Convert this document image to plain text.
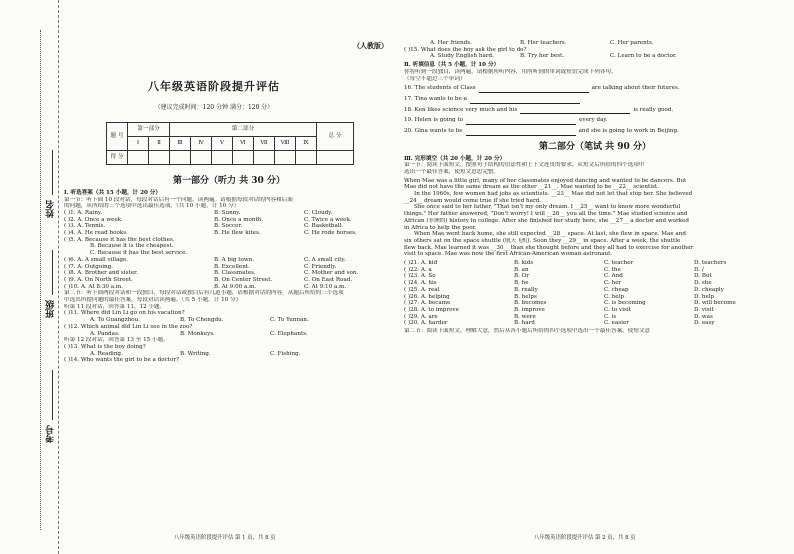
姓名
班级
考号
（人教版）
八年级英语阶段提升评估
（建议完成时间：120 分钟 满分：120 分）
题 号	第一部分		第二部分							总 分
	Ⅰ	Ⅱ	Ⅲ	Ⅳ	Ⅴ	Ⅵ	Ⅶ	Ⅷ	Ⅸ	
得 分										
第一部分（听力 共 30 分）
Ⅰ. 听选答案（共 15 小题，计 20 分）
第一节：听下面 10 段对话，每段对话后有一个问题，读两遍。请根据每段对话的内容和后面
的问题，从所给的三个选项中选出最佳选项。（共 10 小题，计 10 分）
( )1. A. Rainy.	B. Sunny.	C. Cloudy.
( )2. A. Once a week.	B. Once a month.	C. Twice a week.
( )3. A. Tennis.	B. Soccer.	C. Basketball.
( )4. A. He read books.	B. He flew kites.	C. He rode horses.
( )5. A. Because it has the best clothes.
B. Because it is the cheapest.
C. Because it has the best service.
( )6. A. A small village.	B. A big town.	C. A small city.
( )7. A. Outgoing.	B. Excellent.	C. Friendly.
( )8. A. Brother and sister.	B. Classmates.	C. Mother and son.
( )9. A. On North Street.	B. On Center Street.	C. On East Road.
( )10. A. At 8:30 a.m.	B. At 9:00 a.m.	C. At 9:10 a.m.
第二节：听下面两段对话和一段独白，每段对话或独白后有几道小题，请根据对话的内容，从题后所给的三个选项
中选出所提问题的最佳答案。每段对话读两遍。（共 5 小题，计 10 分）
听第 11 段对话，回答第 11、12 小题。
( )11. Where did Lin Li go on his vacation?
A. To Guangzhou.	B. To Chengdu.	C. To Yunnan.
( )12. Which animal did Lin Li see in the zoo?
A. Pandas.	B. Monkeys.	C. Elephants.
听第 12 段对话，回答第 13 至 15 小题。
( )13. What is the boy doing?
A. Reading.	B. Writing.	C. Fishing.
( )14. Who wants the girl to be a doctor?
八年级英语阶段提升评估 第 1 页，共 8 页
A. Her friends.	B. Her teachers.	C. Her parents.
( )15. What does the boy ask the girl to do?
A. Study English hard.	B. Try her best.	C. Learn to be a doctor.
Ⅱ. 听填信息（共 5 小题，计 10 分）
你将听到一段独白，读两遍，请根据所听内容，用所听到的单词或短语完成下列各句。
（每空不超过三个单词）
16. The students of Class	are talking about their futures.
17. Tina wants to be a
18. Ken likes science very much and his	is really good.
19. Helen is going to	every day.
20. Gina wants to be	and she is going to work in Beijing.
第二部分（笔试 共 90 分）
Ⅲ. 完形填空（共 20 小题，计 20 分）
第一节：阅读下面短文，按照句子结构的语法性和上下文连贯的要求，从短文后所给的四个选项中
选出一个最佳答案，使短文意思完整。
When Mae was a little girl, many of her classmates enjoyed dancing and wanted to be dancers. But
Mae did not have the same dream as the other __21__. Mae wanted to be __22__ scientist.
In the 1960s, few women had jobs as scientists. __23__ Mae did not let that stop her. She believed
__24__ dream would come true if she tried hard.
She once said to her father, "That isn't my only dream. I __25__ want to know more wonderful
things." Her father answered, "Don't worry! I will __26__ you all the time." Mae studied science and
African (非洲的) history in college. After she finished her study here, she __27__ a doctor and worked
in Africa to help the poor.
When Mae went back home, she still expected __28__ space. At last, she flew in space. Mae and
six others sat on the space shuttle (航天飞机). Soon they __29__ in space. After a week, the shuttle
flew back. Mae learned it was __30__ than she thought before and they all had to exercise for another
visit to space. Mae was now the first African-American woman astronaut.
( )21. A. kid	B. kids	C. teacher	D. teachers
( )22. A. a	B. an	C. the	D. /
( )23. A. So	B. Or	C. And	D. But
( )24. A. his	B. he	C. her	D. she
( )25. A. real	B. really	C. cheap	D. cheaply
( )26. A. helping	B. helps	C. help	D. help
( )27. A. became	B. becomes	C. is becoming	D. will become
( )28. A. to improve	B. improve	C. to visit	D. visit
( )29. A. are	B. were	C. is	D. was
( )30. A. harder	B. hard	C. easier	D. easy
第二节：阅读下面短文，理解大意，然后从各小题后所给的四个选项中选出一个最佳答案，使短文意
八年级英语阶段提升评估 第 2 页，共 8 页
